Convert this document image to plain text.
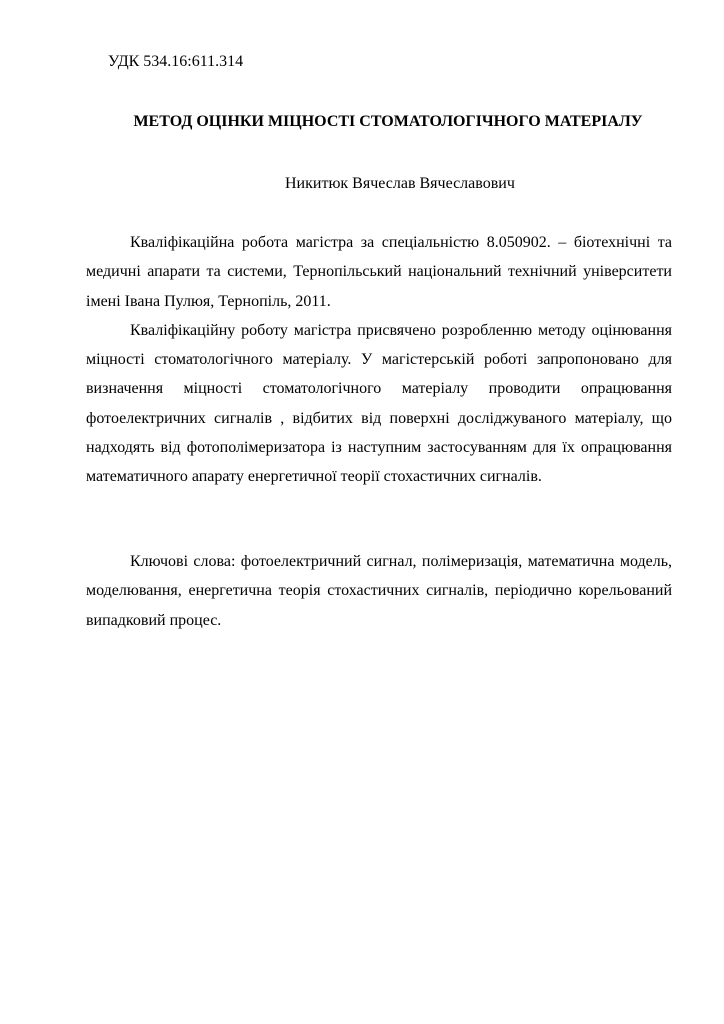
УДК 534.16:611.314
МЕТОД ОЦІНКИ МІЦНОСТІ СТОМАТОЛОГІЧНОГО МАТЕРІАЛУ
Никитюк Вячеслав Вячеславович

Кваліфікаційна робота магістра за спеціальністю 8.050902. – біотехнічні та медичні апарати та системи, Тернопільський національний технічний університети імені Івана Пулюя, Тернопіль, 2011.

Кваліфікаційну роботу магістра присвячено розробленню методу оцінювання міцності стоматологічного матеріалу. У магістерській роботі запропоновано для визначення міцності стоматологічного матеріалу проводити опрацювання фотоелектричних сигналів , відбитих від поверхні досліджуваного матеріалу, що надходять від фотополімеризатора із наступним застосуванням для їх опрацювання математичного апарату енергетичної теорії стохастичних сигналів.

Ключові слова: фотоелектричний сигнал, полімеризація, математична модель, моделювання, енергетична теорія стохастичних сигналів, періодично корельований випадковий процес.
